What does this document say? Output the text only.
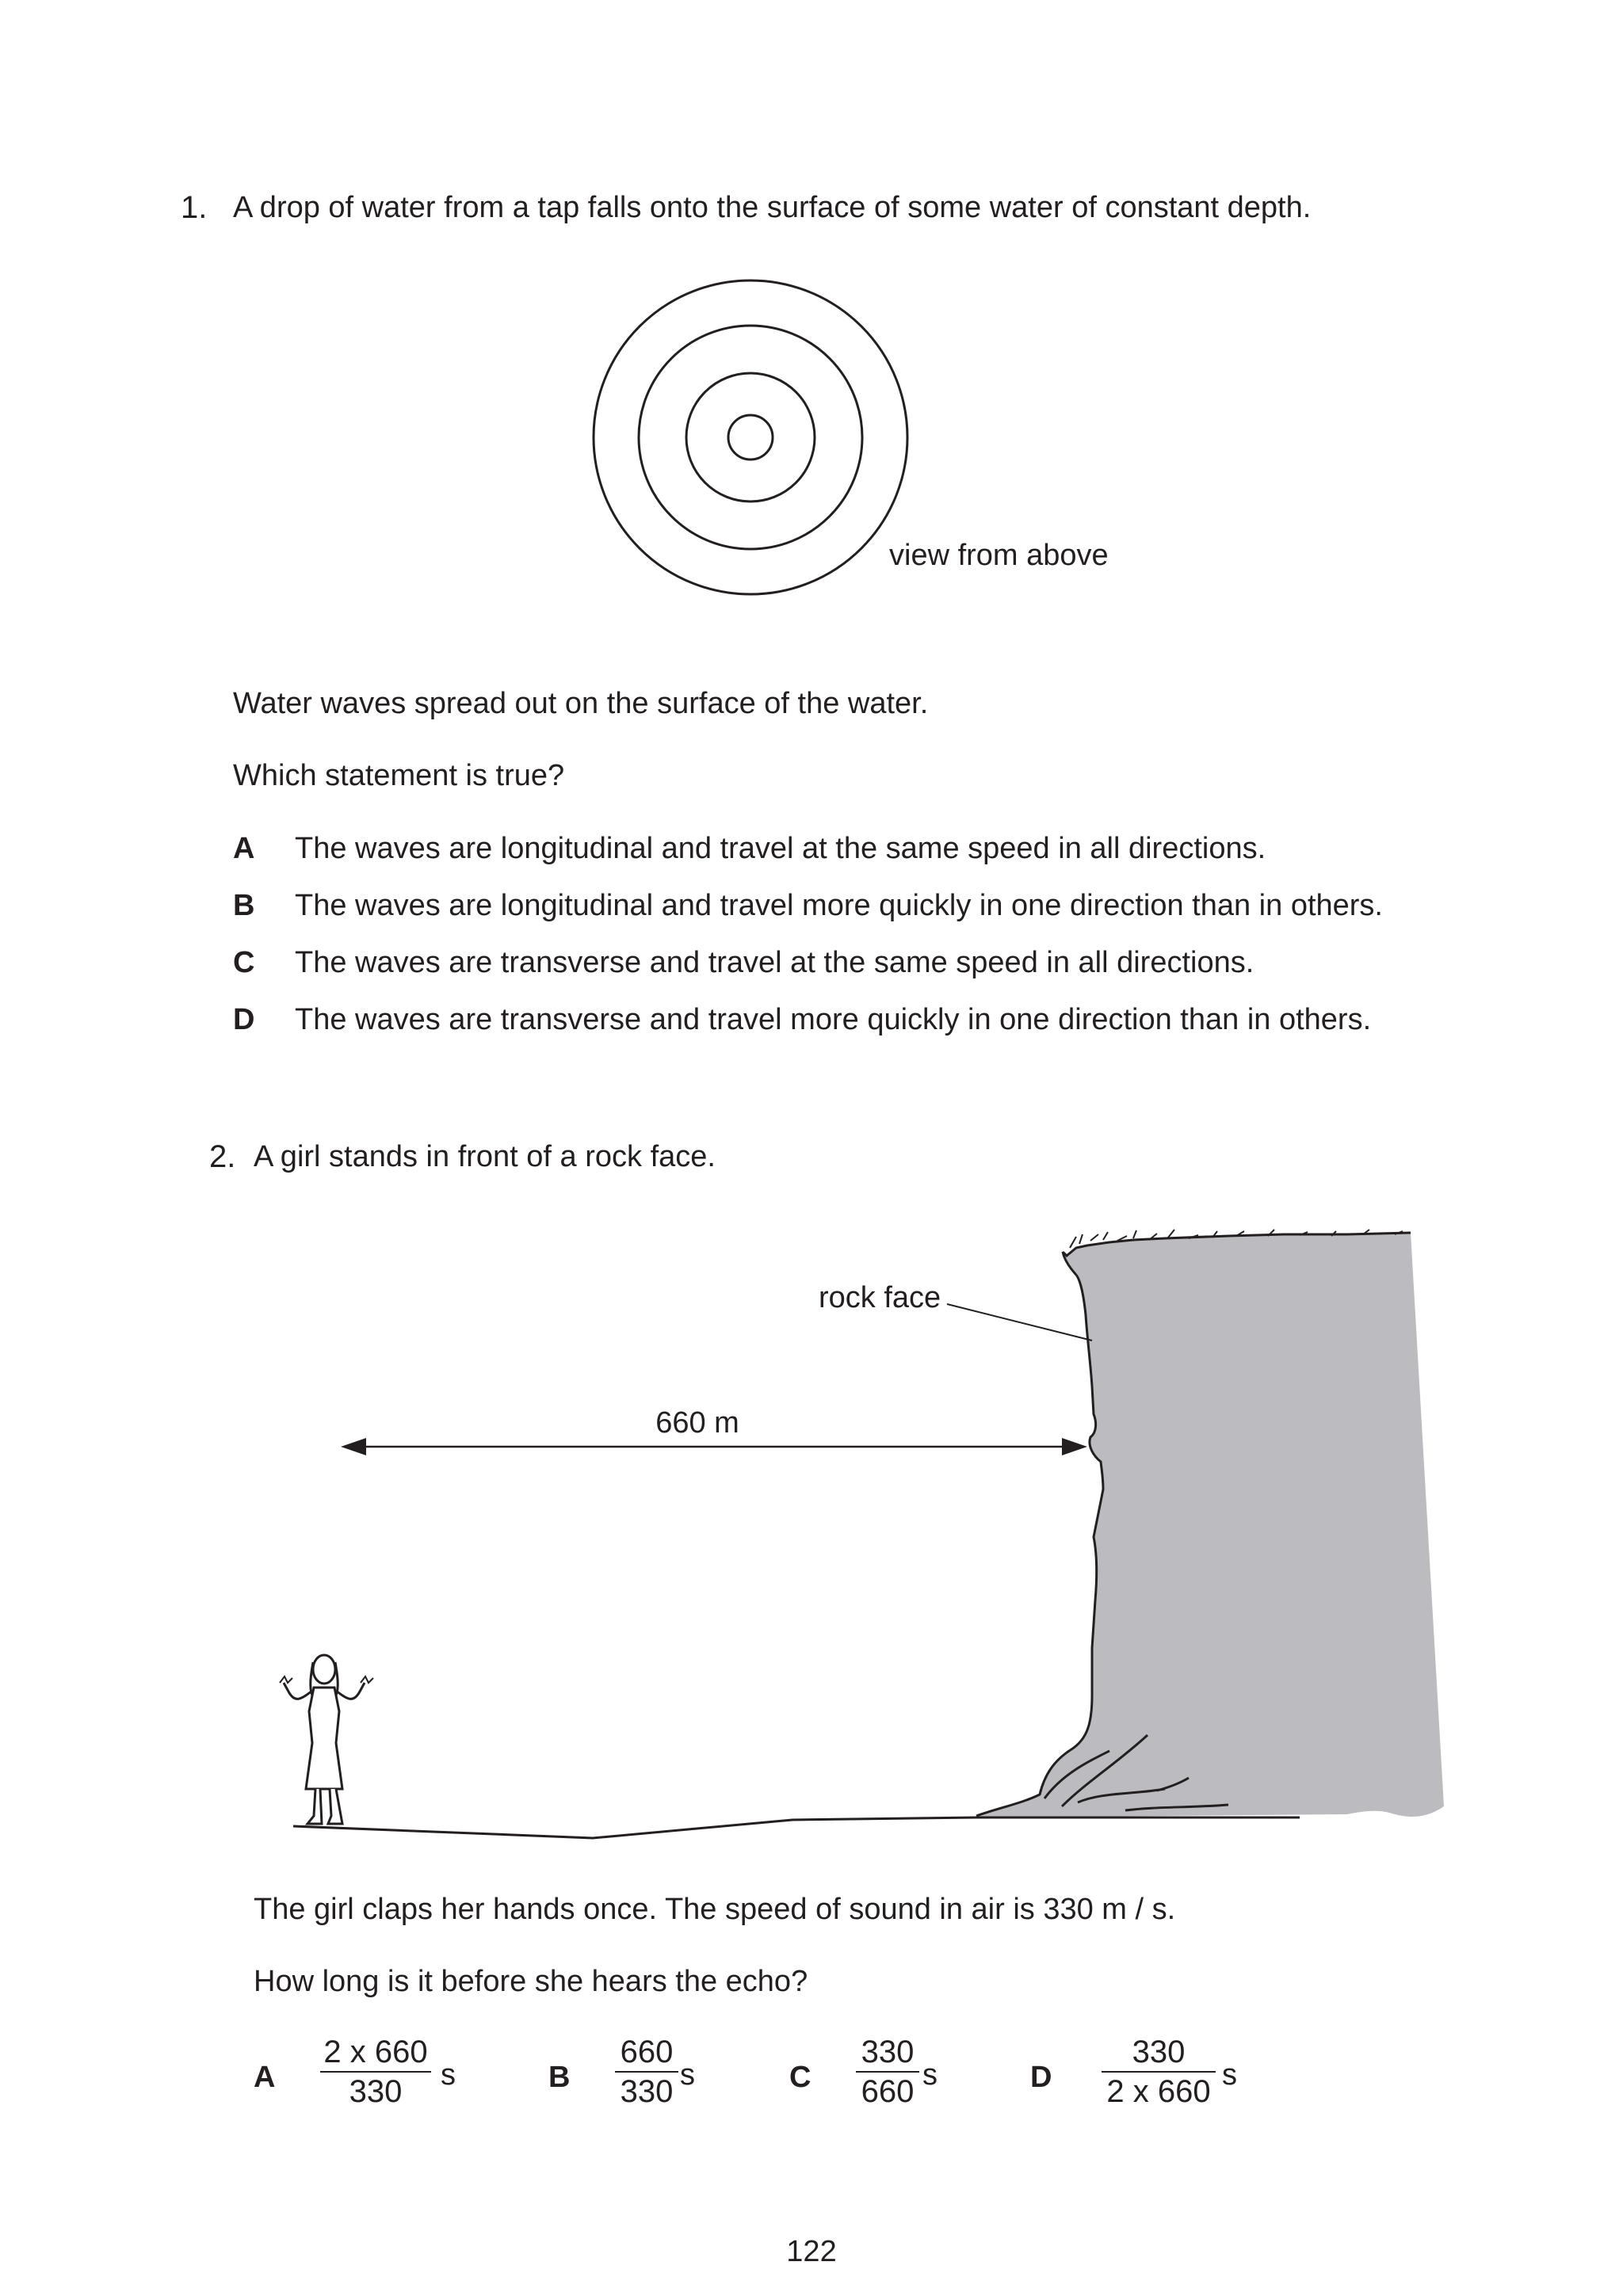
1. A drop of water from a tap falls onto the surface of some water of constant depth.
view from above
rock face
660 m
Water waves spread out on the surface of the water.
Which statement is true?
A The waves are longitudinal and travel at the same speed in all directions.
B The waves are longitudinal and travel more quickly in one direction than in others.
C The waves are transverse and travel at the same speed in all directions.
D The waves are transverse and travel more quickly in one direction than in others.
2. A girl stands in front of a rock face.
The girl claps her hands once. The speed of sound in air is 330 m / s.
How long is it before she hears the echo?
A
2 x 660
330	s	B
660
330 s	C
330
660 s	D
330
2 x 660 s
122
